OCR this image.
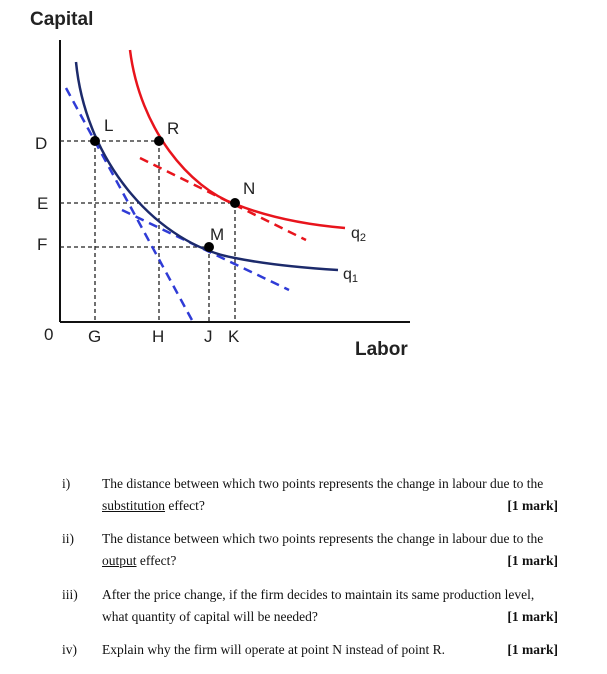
Capital
Labor
0
D
E
F
G	H J K
L	R
N
M	q2
q1
i)	The distance between which two points represents the change in labour due to the
substitution effect?	[1 mark]
ii)	The distance between which two points represents the change in labour due to the
output effect?	[1 mark]
iii)	After the price change, if the firm decides to maintain its same production level,
what quantity of capital will be needed?	[1 mark]
iv)	Explain why the firm will operate at point N instead of point R.	[1 mark]
